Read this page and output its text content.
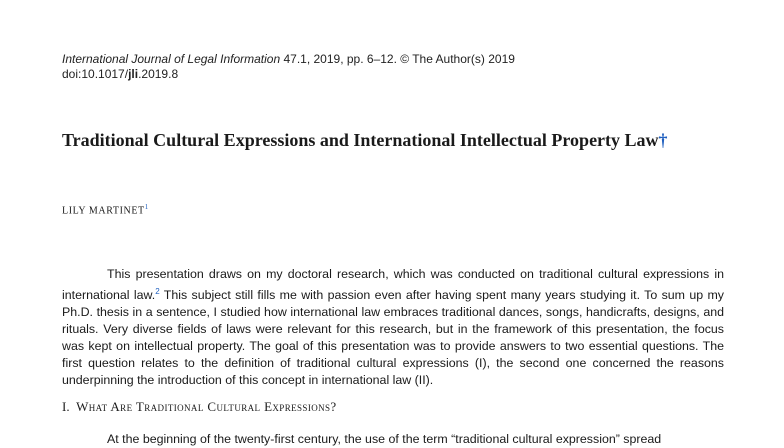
International Journal of Legal Information 47.1, 2019, pp. 6–12. © The Author(s) 2019
doi:10.1017/jli.2019.8
Traditional Cultural Expressions and International Intellectual Property Law†
LILY MARTINET$^1$

This presentation draws on my doctoral research, which was conducted on traditional cultural expressions in international law.$^2$ This subject still fills me with passion even after having spent many years studying it. To sum up my Ph.D. thesis in a sentence, I studied how international law embraces traditional dances, songs, handicrafts, designs, and rituals. Very diverse fields of laws were relevant for this research, but in the framework of this presentation, the focus was kept on intellectual property. The goal of this presentation was to provide answers to two essential questions. The first question relates to the definition of traditional cultural expressions (I), the second one concerned the reasons underpinning the introduction of this concept in international law (II).

I. What Are Traditional Cultural Expressions?
At the beginning of the twenty-first century, the use of the term “traditional cultural expression” spread
